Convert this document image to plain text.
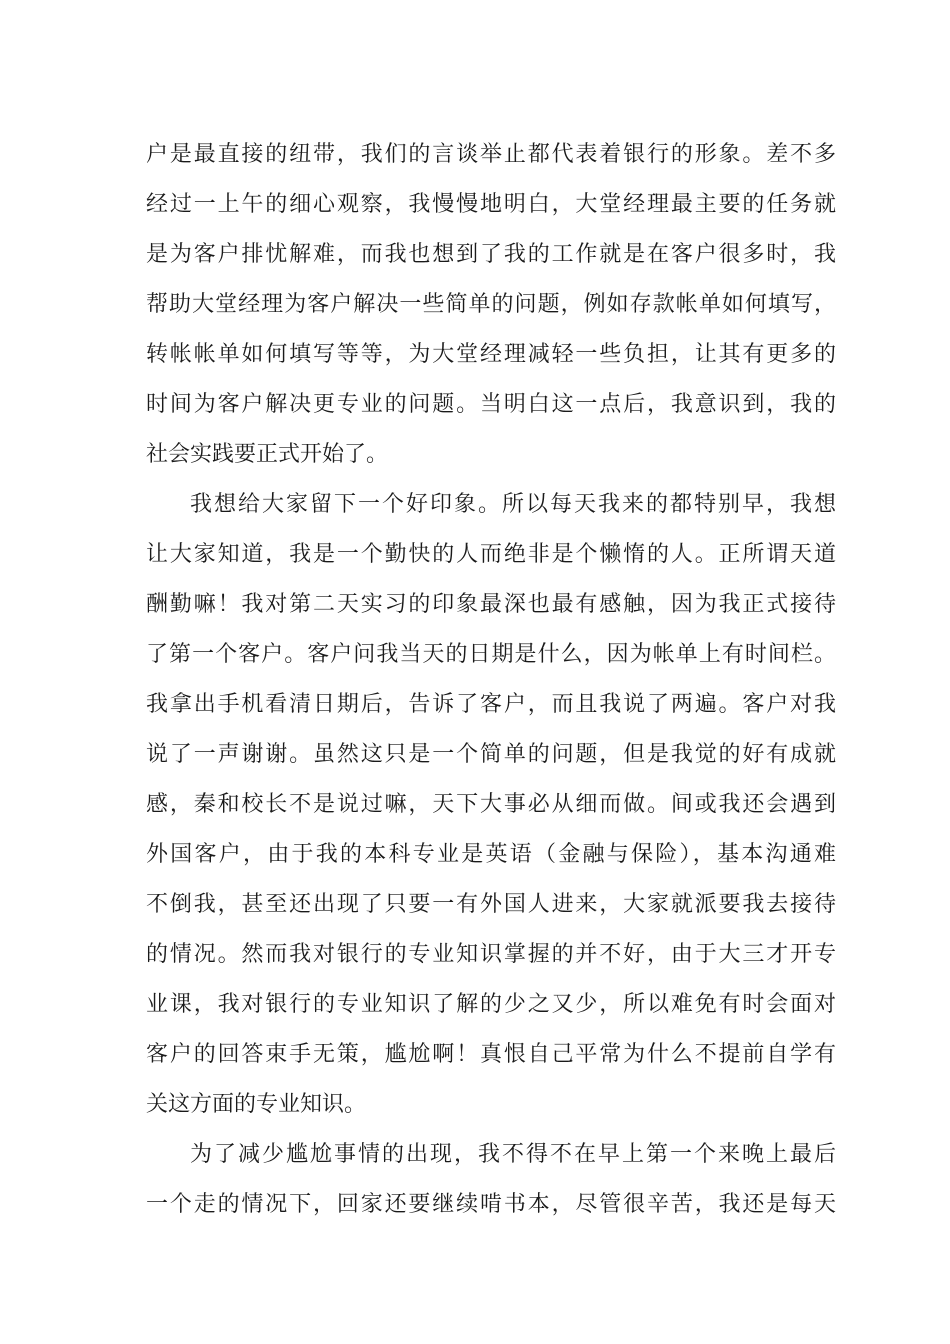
户是最直接的纽带，我们的言谈举止都代表着银行的形象。差不多
经过一上午的细心观察，我慢慢地明白，大堂经理最主要的任务就
是为客户排忧解难，而我也想到了我的工作就是在客户很多时，我
帮助大堂经理为客户解决一些简单的问题，例如存款帐单如何填写，
转帐帐单如何填写等等，为大堂经理减轻一些负担，让其有更多的
时间为客户解决更专业的问题。当明白这一点后，我意识到，我的
社会实践要正式开始了。
我想给大家留下一个好印象。所以每天我来的都特别早，我想
让大家知道，我是一个勤快的人而绝非是个懒惰的人。正所谓天道
酬勤嘛！我对第二天实习的印象最深也最有感触，因为我正式接待
了第一个客户。客户问我当天的日期是什么，因为帐单上有时间栏。
我拿出手机看清日期后，告诉了客户，而且我说了两遍。客户对我
说了一声谢谢。虽然这只是一个简单的问题，但是我觉的好有成就
感，秦和校长不是说过嘛，天下大事必从细而做。间或我还会遇到
外国客户，由于我的本科专业是英语（金融与保险），基本沟通难
不倒我，甚至还出现了只要一有外国人进来，大家就派要我去接待
的情况。然而我对银行的专业知识掌握的并不好，由于大三才开专
业课，我对银行的专业知识了解的少之又少，所以难免有时会面对
客户的回答束手无策，尴尬啊！真恨自己平常为什么不提前自学有
关这方面的专业知识。
为了减少尴尬事情的出现，我不得不在早上第一个来晚上最后
一个走的情况下，回家还要继续啃书本，尽管很辛苦，我还是每天
